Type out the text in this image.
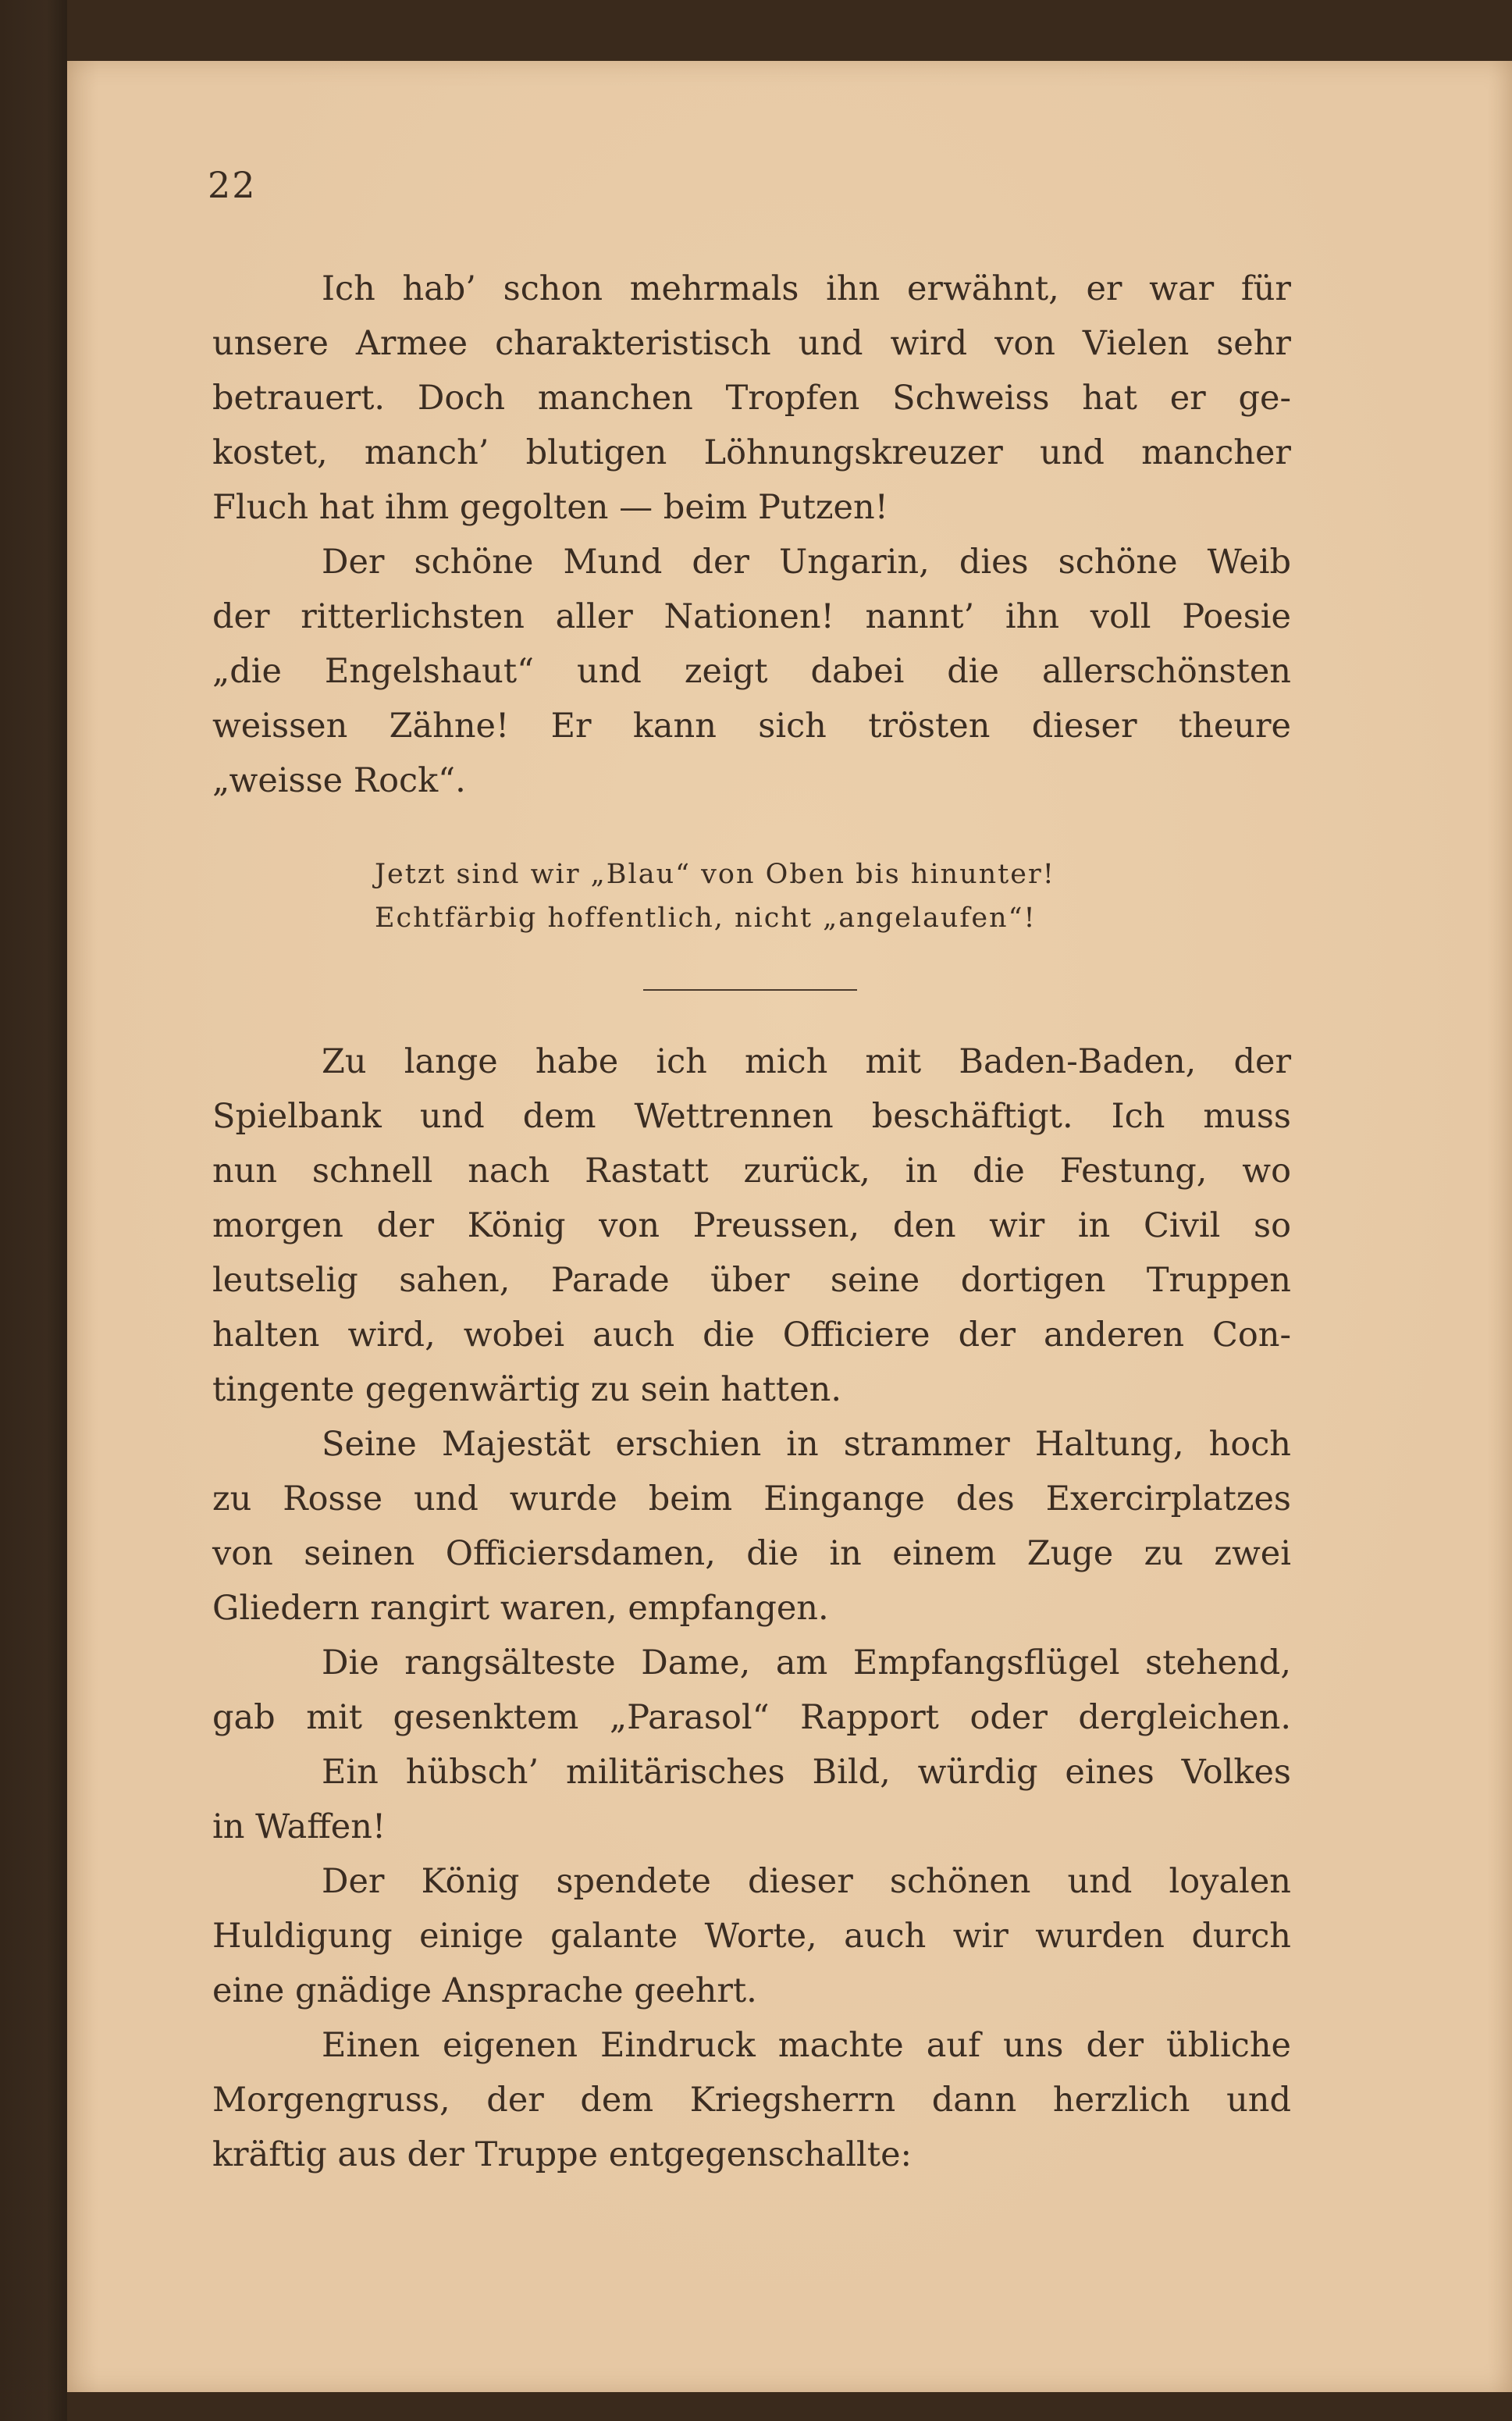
22
Ich hab’ schon mehrmals ihn erwähnt, er war für
unsere Armee charakteristisch und wird von Vielen sehr
betrauert. Doch manchen Tropfen Schweiss hat er ge-
kostet, manch’ blutigen Löhnungskreuzer und mancher
Fluch hat ihm gegolten — beim Putzen!
Der schöne Mund der Ungarin, dies schöne Weib
der ritterlichsten aller Nationen! nannt’ ihn voll Poesie
„die Engelshaut“ und zeigt dabei die allerschönsten
weissen Zähne! Er kann sich trösten dieser theure
„weisse Rock“.
Jetzt sind wir „Blau“ von Oben bis hinunter!
Echtfärbig hoffentlich, nicht „angelaufen“!
Zu lange habe ich mich mit Baden-Baden, der
Spielbank und dem Wettrennen beschäftigt. Ich muss
nun schnell nach Rastatt zurück, in die Festung, wo
morgen der König von Preussen, den wir in Civil so
leutselig sahen, Parade über seine dortigen Truppen
halten wird, wobei auch die Officiere der anderen Con-
tingente gegenwärtig zu sein hatten.
Seine Majestät erschien in strammer Haltung, hoch
zu Rosse und wurde beim Eingange des Exercirplatzes
von seinen Officiersdamen, die in einem Zuge zu zwei
Gliedern rangirt waren, empfangen.
Die rangsälteste Dame, am Empfangsflügel stehend,
gab mit gesenktem „Parasol“ Rapport oder dergleichen.
Ein hübsch’ militärisches Bild, würdig eines Volkes
in Waffen!
Der König spendete dieser schönen und loyalen
Huldigung einige galante Worte, auch wir wurden durch
eine gnädige Ansprache geehrt.
Einen eigenen Eindruck machte auf uns der übliche
Morgengruss, der dem Kriegsherrn dann herzlich und
kräftig aus der Truppe entgegenschallte:
